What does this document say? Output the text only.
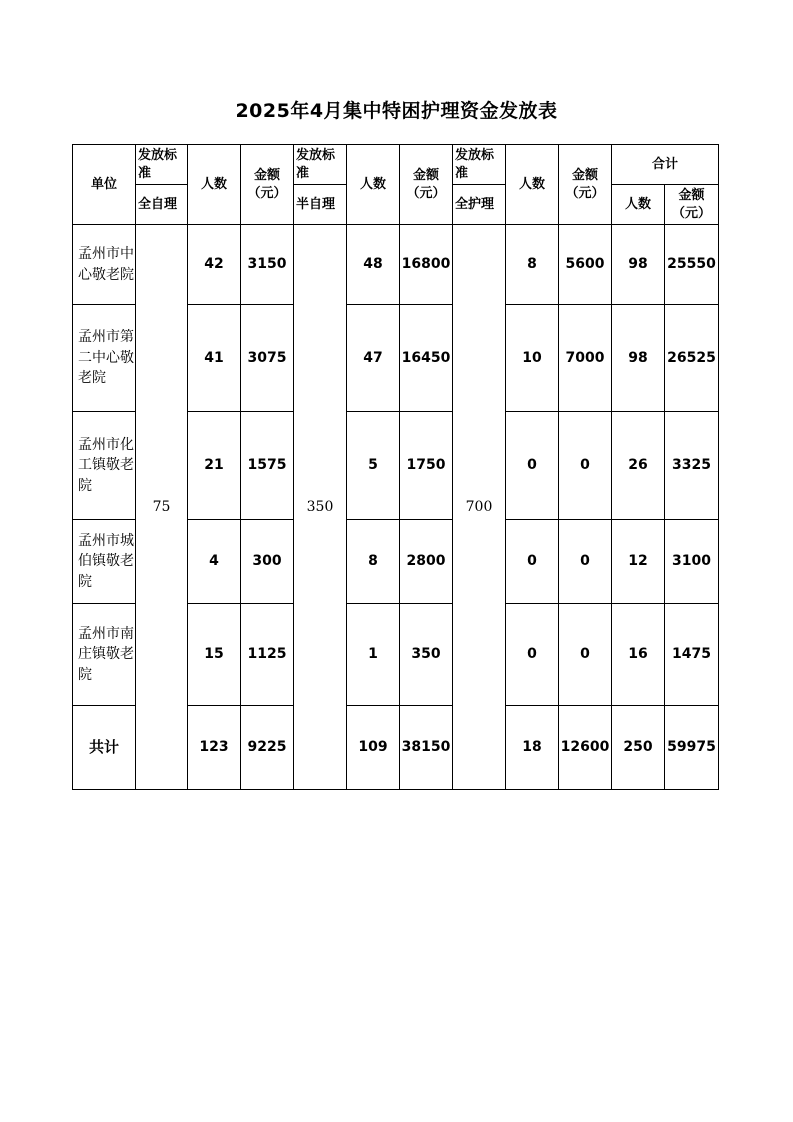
2025年4月集中特困护理资金发放表
单位	发放标准	人数	金额（元）	发放标准	人数	金额（元）	发放标准	人数	金额（元）	合计	
	全自理			半自理			全护理			人数	金额（元）

孟州市中心敬老院	75	42	3150	350	48	16800	700	8	5600	98	25550

孟州市第二中心敬老院		41	3075		47	16450		10	7000	98	26525

孟州市化工镇敬老院		21	1575		5	1750		0	0	26	3325

孟州市城伯镇敬老院		4	300		8	2800		0	0	12	3100

孟州市南庄镇敬老院		15	1125		1	350		0	0	16	1475
共计		123	9225		109	38150		18	12600	250	59975
